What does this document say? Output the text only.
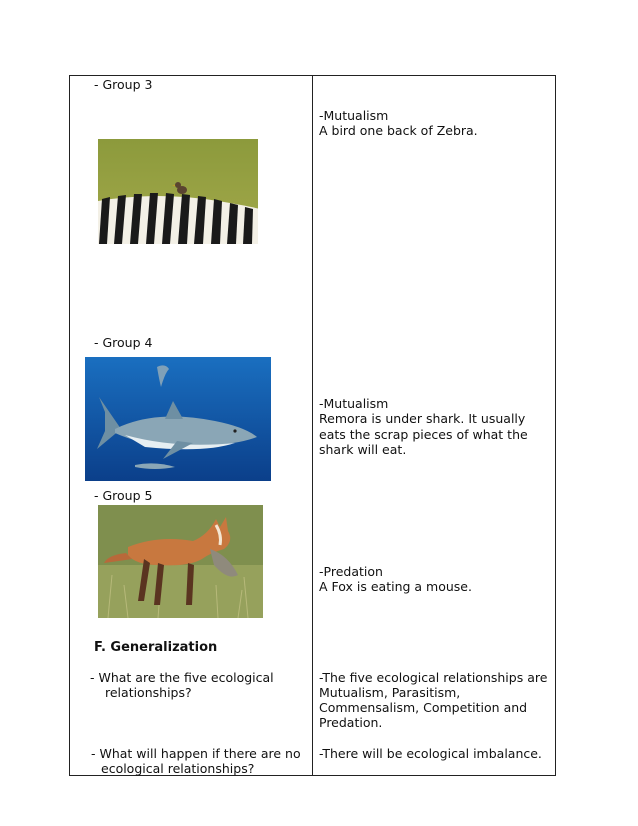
- Group 3
-Mutualism
A bird one back of Zebra.
- Group 4
-Mutualism
Remora is under shark. It usually
eats the scrap pieces of what the
shark will eat.
- Group 5
-Predation
A Fox is eating a mouse.
F. Generalization
- What are the five ecological
relationships?
-The five ecological relationships are
Mutualism, Parasitism,
Commensalism, Competition and
Predation.
- What will happen if there are no
ecological relationships?
-There will be ecological imbalance.
